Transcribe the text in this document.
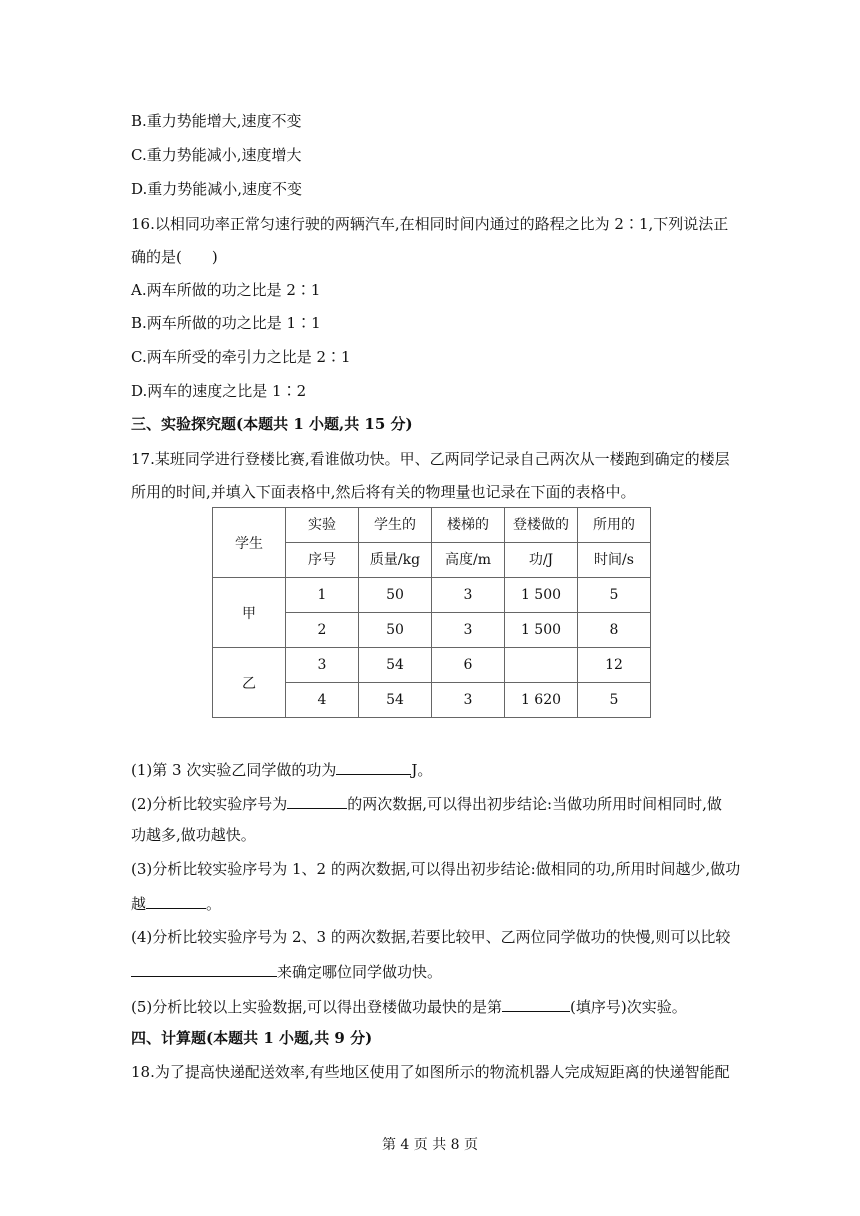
B.重力势能增大,速度不变
C.重力势能减小,速度增大
D.重力势能减小,速度不变
16.以相同功率正常匀速行驶的两辆汽车,在相同时间内通过的路程之比为 2∶1,下列说法正
确的是(　　)
A.两车所做的功之比是 2∶1
B.两车所做的功之比是 1∶1
C.两车所受的牵引力之比是 2∶1
D.两车的速度之比是 1∶2
三、实验探究题(本题共 1 小题,共 15 分)
17.某班同学进行登楼比赛,看谁做功快。甲、乙两同学记录自己两次从一楼跑到确定的楼层
所用的时间,并填入下面表格中,然后将有关的物理量也记录在下面的表格中。
学生	实验	学生的	楼梯的	登楼做的	所用的
	序号	质量/kg	高度/m	功/J	时间/s
甲	1	50	3	1 500	5
	2	50	3	1 500	8
乙	3	54	6		12
	4	54	3	1 620	5
(1)第 3 次实验乙同学做的功为	J。
(2)分析比较实验序号为	的两次数据,可以得出初步结论:当做功所用时间相同时,做
功越多,做功越快。
(3)分析比较实验序号为 1、2 的两次数据,可以得出初步结论:做相同的功,所用时间越少,做功
越	。
(4)分析比较实验序号为 2、3 的两次数据,若要比较甲、乙两位同学做功的快慢,则可以比较
来确定哪位同学做功快。
(5)分析比较以上实验数据,可以得出登楼做功最快的是第	(填序号)次实验。
四、计算题(本题共 1 小题,共 9 分)
18.为了提高快递配送效率,有些地区使用了如图所示的物流机器人完成短距离的快递智能配
第 4 页 共 8 页
